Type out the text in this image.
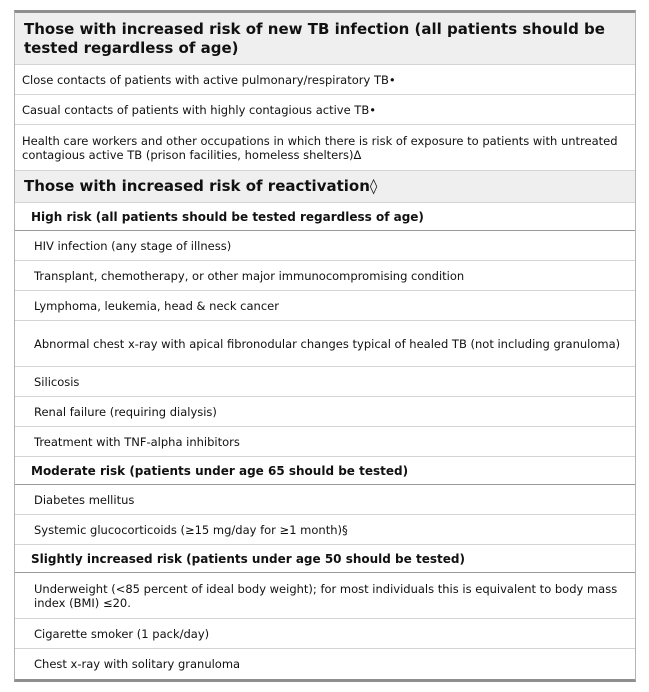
Those with increased risk of new TB infection (all patients should be tested regardless of age)
Close contacts of patients with active pulmonary/respiratory TB•
Casual contacts of patients with highly contagious active TB•
Health care workers and other occupations in which there is risk of exposure to patients with untreated contagious active TB (prison facilities, homeless shelters)Δ
Those with increased risk of reactivation◊
High risk (all patients should be tested regardless of age)
HIV infection (any stage of illness)
Transplant, chemotherapy, or other major immunocompromising condition
Lymphoma, leukemia, head & neck cancer
Abnormal chest x-ray with apical fibronodular changes typical of healed TB (not including granuloma)
Silicosis
Renal failure (requiring dialysis)
Treatment with TNF-alpha inhibitors
Moderate risk (patients under age 65 should be tested)
Diabetes mellitus
Systemic glucocorticoids (≥15 mg/day for ≥1 month)§
Slightly increased risk (patients under age 50 should be tested)
Underweight (<85 percent of ideal body weight); for most individuals this is equivalent to body mass index (BMI) ≤20.
Cigarette smoker (1 pack/day)
Chest x-ray with solitary granuloma
